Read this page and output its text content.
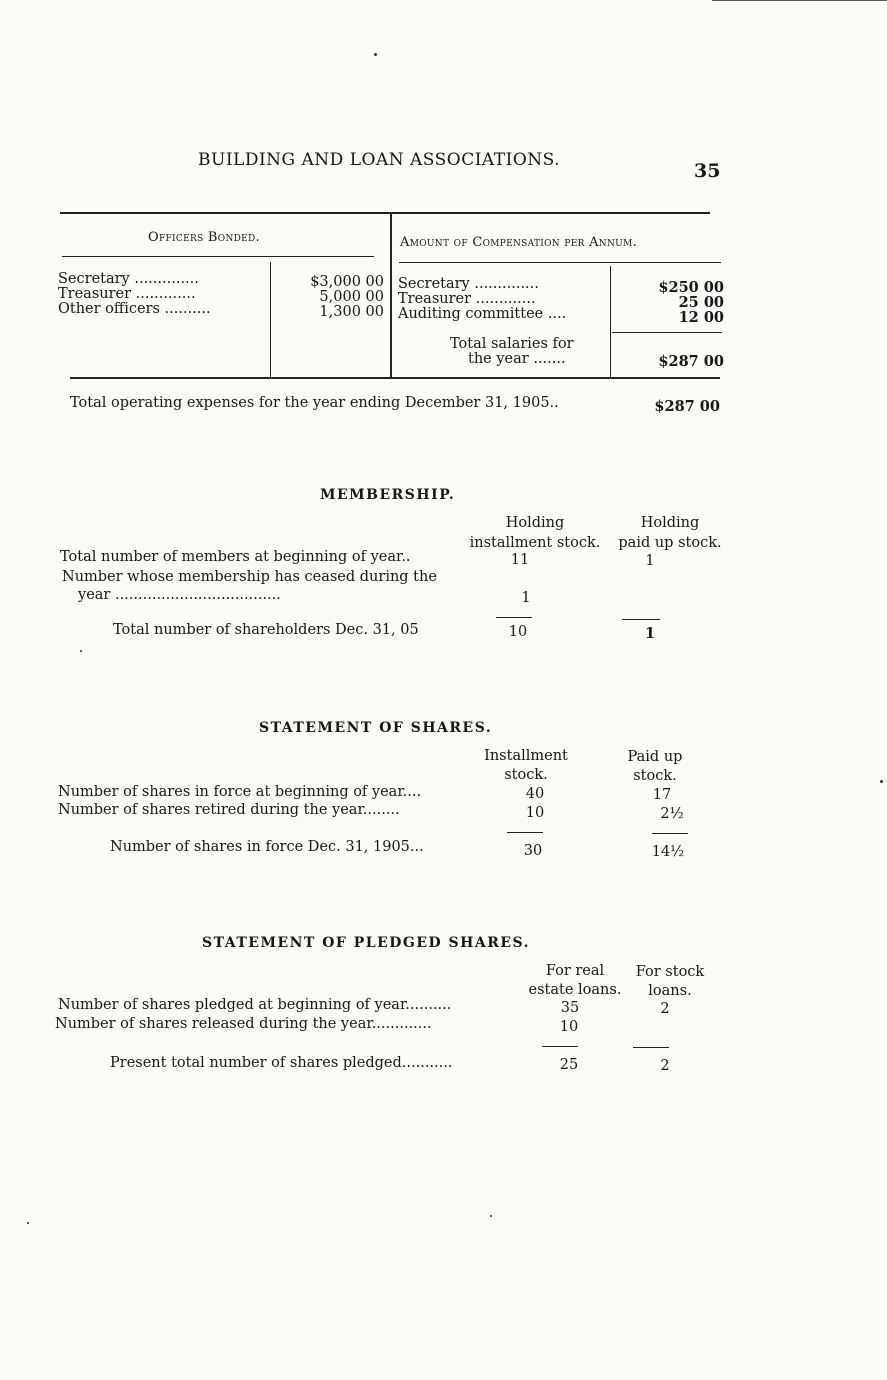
BUILDING AND LOAN ASSOCIATIONS.	35
Officers Bonded.
Secretary ..............	$3,000 00
Treasurer .............	5,000 00
Other officers ..........	1,300 00
Amount of Compensation per Annum.
Secretary ..............	$250 00
Treasurer .............	25 00
Auditing committee ....	12 00
Total salaries for
the year .......	$287 00
Total operating expenses for the year ending December 31, 1905..	$287 00
MEMBERSHIP.
Holding
installment stock.
Holding
paid up stock.
Total number of members at beginning of year..	11	1
Number whose membership has ceased during the
year ....................................	1
Total number of shareholders Dec. 31, 05	10	1
STATEMENT OF SHARES.
Installment
stock.
Paid up
stock.
Number of shares in force at beginning of year....	40	17
Number of shares retired during the year........	10	2½
Number of shares in force Dec. 31, 1905...	30	14½
STATEMENT OF PLEDGED SHARES.
For real
estate loans.
For stock
loans.
Number of shares pledged at beginning of year..........	35	2
Number of shares released during the year.............	10
Present total number of shares pledged...........	25	2
